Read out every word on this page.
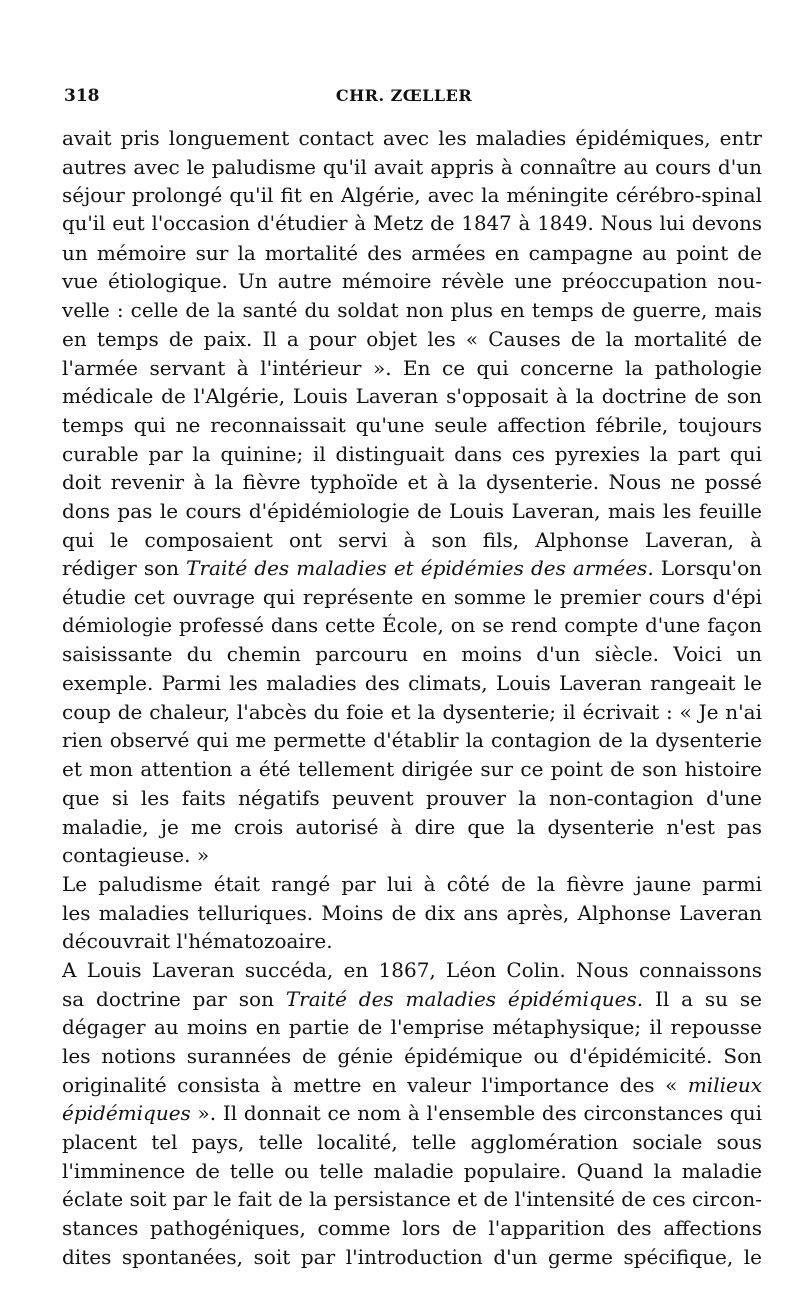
318	CHR. ZŒLLER
avait pris longuement contact avec les maladies épidémiques, entr
autres avec le paludisme qu'il avait appris à connaître au cours d'un
séjour prolongé qu'il fit en Algérie, avec la méningite cérébro-spinal
qu'il eut l'occasion d'étudier à Metz de 1847 à 1849. Nous lui devons
un mémoire sur la mortalité des armées en campagne au point de
vue étiologique. Un autre mémoire révèle une préoccupation nou-
velle : celle de la santé du soldat non plus en temps de guerre, mais
en temps de paix. Il a pour objet les « Causes de la mortalité de
l'armée servant à l'intérieur ». En ce qui concerne la pathologie
médicale de l'Algérie, Louis Laveran s'opposait à la doctrine de son
temps qui ne reconnaissait qu'une seule affection fébrile, toujours
curable par la quinine; il distinguait dans ces pyrexies la part qui
doit revenir à la fièvre typhoïde et à la dysenterie. Nous ne possé
dons pas le cours d'épidémiologie de Louis Laveran, mais les feuille
qui le composaient ont servi à son fils, Alphonse Laveran, à
rédiger son Traité des maladies et épidémies des armées. Lorsqu'on
étudie cet ouvrage qui représente en somme le premier cours d'épi
démiologie professé dans cette École, on se rend compte d'une façon
saisissante du chemin parcouru en moins d'un siècle. Voici un
exemple. Parmi les maladies des climats, Louis Laveran rangeait le
coup de chaleur, l'abcès du foie et la dysenterie; il écrivait : « Je n'ai
rien observé qui me permette d'établir la contagion de la dysenterie
et mon attention a été tellement dirigée sur ce point de son histoire
que si les faits négatifs peuvent prouver la non-contagion d'une
maladie, je me crois autorisé à dire que la dysenterie n'est pas
contagieuse. »
Le paludisme était rangé par lui à côté de la fièvre jaune parmi
les maladies telluriques. Moins de dix ans après, Alphonse Laveran
découvrait l'hématozoaire.
A Louis Laveran succéda, en 1867, Léon Colin. Nous connaissons
sa doctrine par son Traité des maladies épidémiques. Il a su se
dégager au moins en partie de l'emprise métaphysique; il repousse
les notions surannées de génie épidémique ou d'épidémicité. Son
originalité consista à mettre en valeur l'importance des « milieux
épidémiques ». Il donnait ce nom à l'ensemble des circonstances qui
placent tel pays, telle localité, telle agglomération sociale sous
l'imminence de telle ou telle maladie populaire. Quand la maladie
éclate soit par le fait de la persistance et de l'intensité de ces circon-
stances pathogéniques, comme lors de l'apparition des affections
dites spontanées, soit par l'introduction d'un germe spécifique, le
